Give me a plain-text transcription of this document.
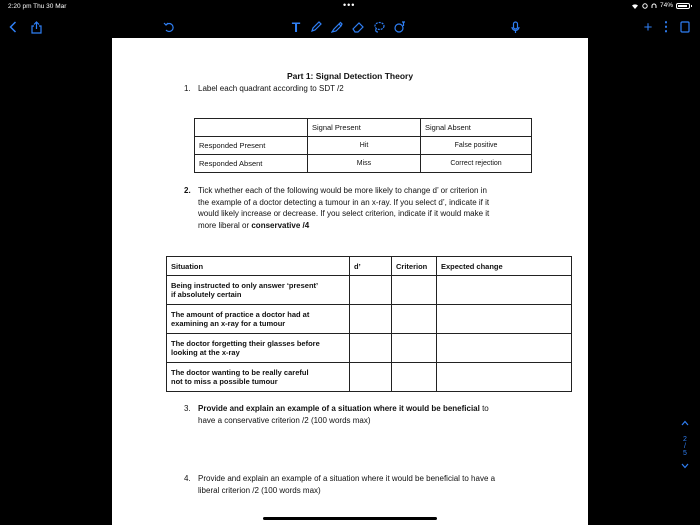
2:20 pm Thu 30 Mar	•••	74%
T	+ ⋮
Part 1: Signal Detection Theory
1. Label each quadrant according to SDT /2
	Signal Present	Signal Absent
Responded Present	Hit	False positive
Responded Absent	Miss	Correct rejection
2. Tick whether each of the following would be more likely to change d’ or criterion in
the example of a doctor detecting a tumour in an x-ray. If you select d’, indicate if it
would likely increase or decrease. If you select criterion, indicate if it would make it
more liberal or conservative /4
Situation	d’	Criterion	Expected change

Being instructed to only answer ‘present’
if absolutely certain			

The amount of practice a doctor had at
examining an x-ray for a tumour			

The doctor forgetting their glasses before
looking at the x-ray			

The doctor wanting to be really careful
not to miss a possible tumour			

3. Provide and explain an example of a situation where it would be beneficial to
have a conservative criterion /2 (100 words max)
4. Provide and explain an example of a situation where it would be beneficial to have a
liberal criterion /2 (100 words max)
2
/
5
